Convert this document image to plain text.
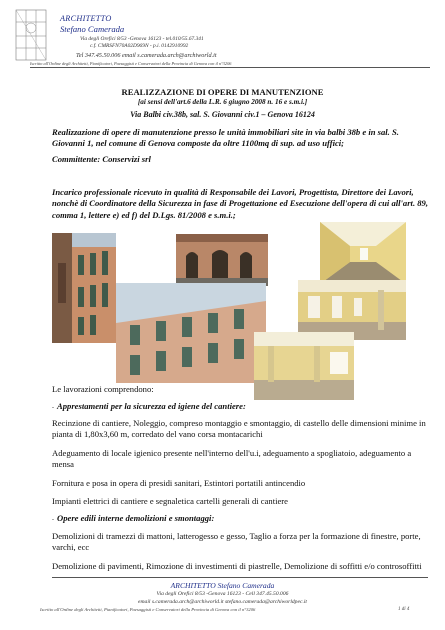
ARCHITETTO
Stefano Camerada
Via degli Orefici 8/53 -Genova 16123 - tel.010/55.67.341
c.f. CMRSFN70A02D969N - p.i. 0142910992
Tel 347.45.50.006 email s.camerada.arch@archiworld.it
Iscritto all'Ordine degli Architetti, Pianificatori, Paesaggisti e Conservatori della Provincia di Genova con il n°3206
REALIZZAZIONE DI OPERE DI MANUTENZIONE
[ai sensi dell'art.6 della L.R. 6 giugno 2008 n. 16 e s.m.i.]
Via Balbi civ.38b, sal. S. Giovanni civ.1 – Genova 16124
Realizzazione di opere di manutenzione presso le unità immobiliari site in via balbi 38b e in sal. S. Giovanni 1, nel comune di Genova composte da oltre 1100mq di sup. ad uso uffici;
Committente: Conservizi srl
Incarico professionale ricevuto in qualità di Responsabile dei Lavori, Progettista, Direttore dei Lavori, nonchè di Coordinatore della Sicurezza in fase di Progettazione ed Esecuzione dell'opera di cui all'art. 89, comma 1, lettere e) ed f) del D.Lgs. 81/2008 e s.m.i.;
Le lavorazioni comprendono:
- Apprestamenti per la sicurezza ed igiene del cantiere:
Recinzione di cantiere, Noleggio, compreso montaggio e smontaggio, di castello delle dimensioni minime in pianta di 1,80x3,60 m, corredato del vano corsa montacarichi
Adeguamento di locale igienico presente nell'interno dell'u.i, adeguamento a spogliatoio, adeguamento a mensa
Fornitura e posa in opera di presidi sanitari, Estintori portatili antincendio
Impianti elettrici di cantiere e segnaletica cartelli generali di cantiere
- Opere edili interne demolizioni e smontaggi:
Demolizioni di tramezzi di mattoni, latterogesso e gesso, Taglio a forza per la formazione di finestre, porte, varchi, ecc
Demolizione di pavimenti, Rimozione di investimenti di piastrelle, Demolizione di soffitti e/o controsoffitti
ARCHITETTO Stefano Camerada
Via degli Orefici 8/53 -Genova 16123 - Cell 347.45.50.006
email s.camerada.arch@archiworld.it stefano.camerada@archiworldpec.it
Iscritto all'Ordine degli Architetti, Pianificatori, Paesaggisti e Conservatori della Provincia di Genova con il n°3206	1 di 4
